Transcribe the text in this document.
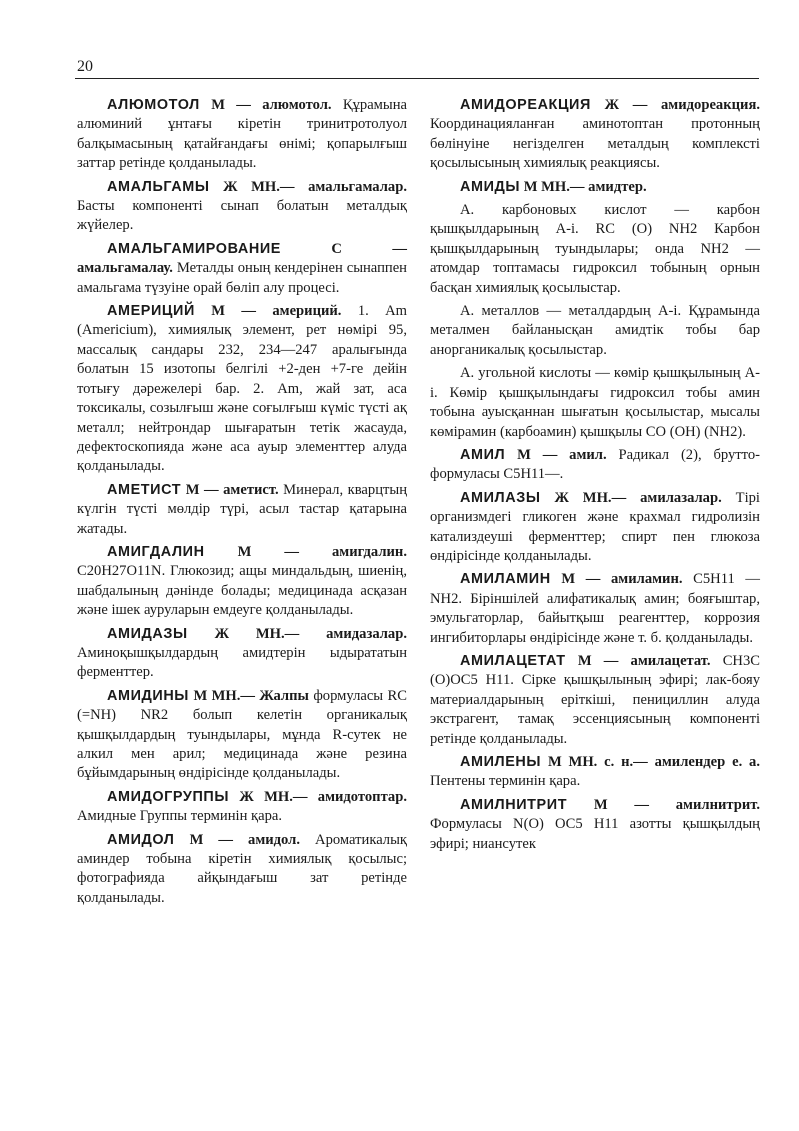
20

АЛЮМОТОЛ М — алюмотол. Құрамына алюминий ұнтағы кіретін тринитротолуол балқымасының қатайғандағы өнімі; қопарылғыш заттар ретінде қолданылады.

АМАЛЬГАМЫ Ж МН.— амальгамалар. Басты компоненті сынап болатын металдық жүйелер.

АМАЛЬГАМИРОВАНИЕ	С — амальгамалау. Металды оның кендерінен сынаппен амальгама түзуіне орай бөліп алу процесі.

АМЕРИЦИЙ М — америций. 1. Am (Americium), химиялық элемент, рет нөмірі 95, массалық сандары 232, 234—247 аралығында болатын 15 изотопы белгілі +2-ден +7-ге дейін тотығу дәрежелері бар. 2. Am, жай зат, аса токсикалы, созылғыш және соғылғыш күміс түсті ақ металл; нейтрондар шығаратын тетік жасауда, дефектоскопияда және аса ауыр элементтер алуда қолданылады.

АМЕТИСТ М — аметист. Минерал, кварцтың күлгін түсті мөлдір түрі, асыл тастар қатарына жатады.

АМИГДАЛИН М — амигдалин. C20H27O11N. Глюкозид; ащы миндальдың, шиенің, шабдалының дәнінде болады; медицинада асқазан және ішек ауруларын емдеуге қолданылады.

АМИДАЗЫ Ж МН.— амидазалар. Аминоқышқылдардың амидтерін ыдырататын ферменттер.

АМИДИНЫ М МН.— Жалпы формуласы RC (=NH) NR2 болып келетін органикалық қышқылдардың туындылары, мұнда R-сутек не алкил мен арил; медицинада және резина бұйымдарының өндірісінде қолданылады.

АМИДОГРУППЫ Ж МН.— амидотоптар. Амидные Группы терминін қара.

АМИДОЛ М — амидол. Ароматикалық аминдер тобына кіретін химиялық қосылыс; фотографияда айқындағыш зат ретінде қолданылады.

АМИДОРЕАКЦИЯ Ж — амидореакция. Координацияланған аминотоптан протонның бөлінуіне негізделген металдың комплексті қосылысының химиялық реакциясы.

АМИДЫ М МН.— амидтер.

А. карбоновых кислот — карбон қышқылдарының А-і. RC (O) NH2 Карбон қышқылдарының туындылары; онда NH2 — атомдар топтамасы гидроксил тобының орнын басқан химиялық қосылыстар.

А. металлов — металдардың А-і. Құрамында металмен байланысқан амидтік тобы бар анорганикалық қосылыстар.

А. угольной кислоты — көмір қышқылының А-і. Көмір қышқылындағы гидроксил тобы амин тобына ауысқаннан шығатын қосылыстар, мысалы көмірамин (карбоамин) қышқылы CO (OH) (NH2).

АМИЛ М — амил. Радикал (2), брутто-формуласы C5H11—.

АМИЛАЗЫ Ж МН.— амилазалар. Тірі организмдегі гликоген және крахмал гидролизін катализдеуші ферменттер; спирт пен глюкоза өндірісінде қолданылады.

АМИЛАМИН М — амиламин. C5H11 — NH2. Біріншілей алифатикалық амин; бояғыштар, эмульгаторлар, байытқыш реагенттер, коррозия ингибиторлары өндірісінде және т. б. қолданылады.

АМИЛАЦЕТАТ М — амилацетат. CH3C (O)OC5 H11. Сірке қышқылының эфирі; лак-бояу материалдарының еріткіші, пенициллин алуда экстрагент, тамақ эссенциясының компоненті ретінде қолданылады.

АМИЛЕНЫ М МН. с. н.— амилендер е. а. Пентены терминін қара.

АМИЛНИТРИТ М — амилнитрит. Формуласы N(O) OC5 H11 азотты қышқылдың эфирі; ниансутек
